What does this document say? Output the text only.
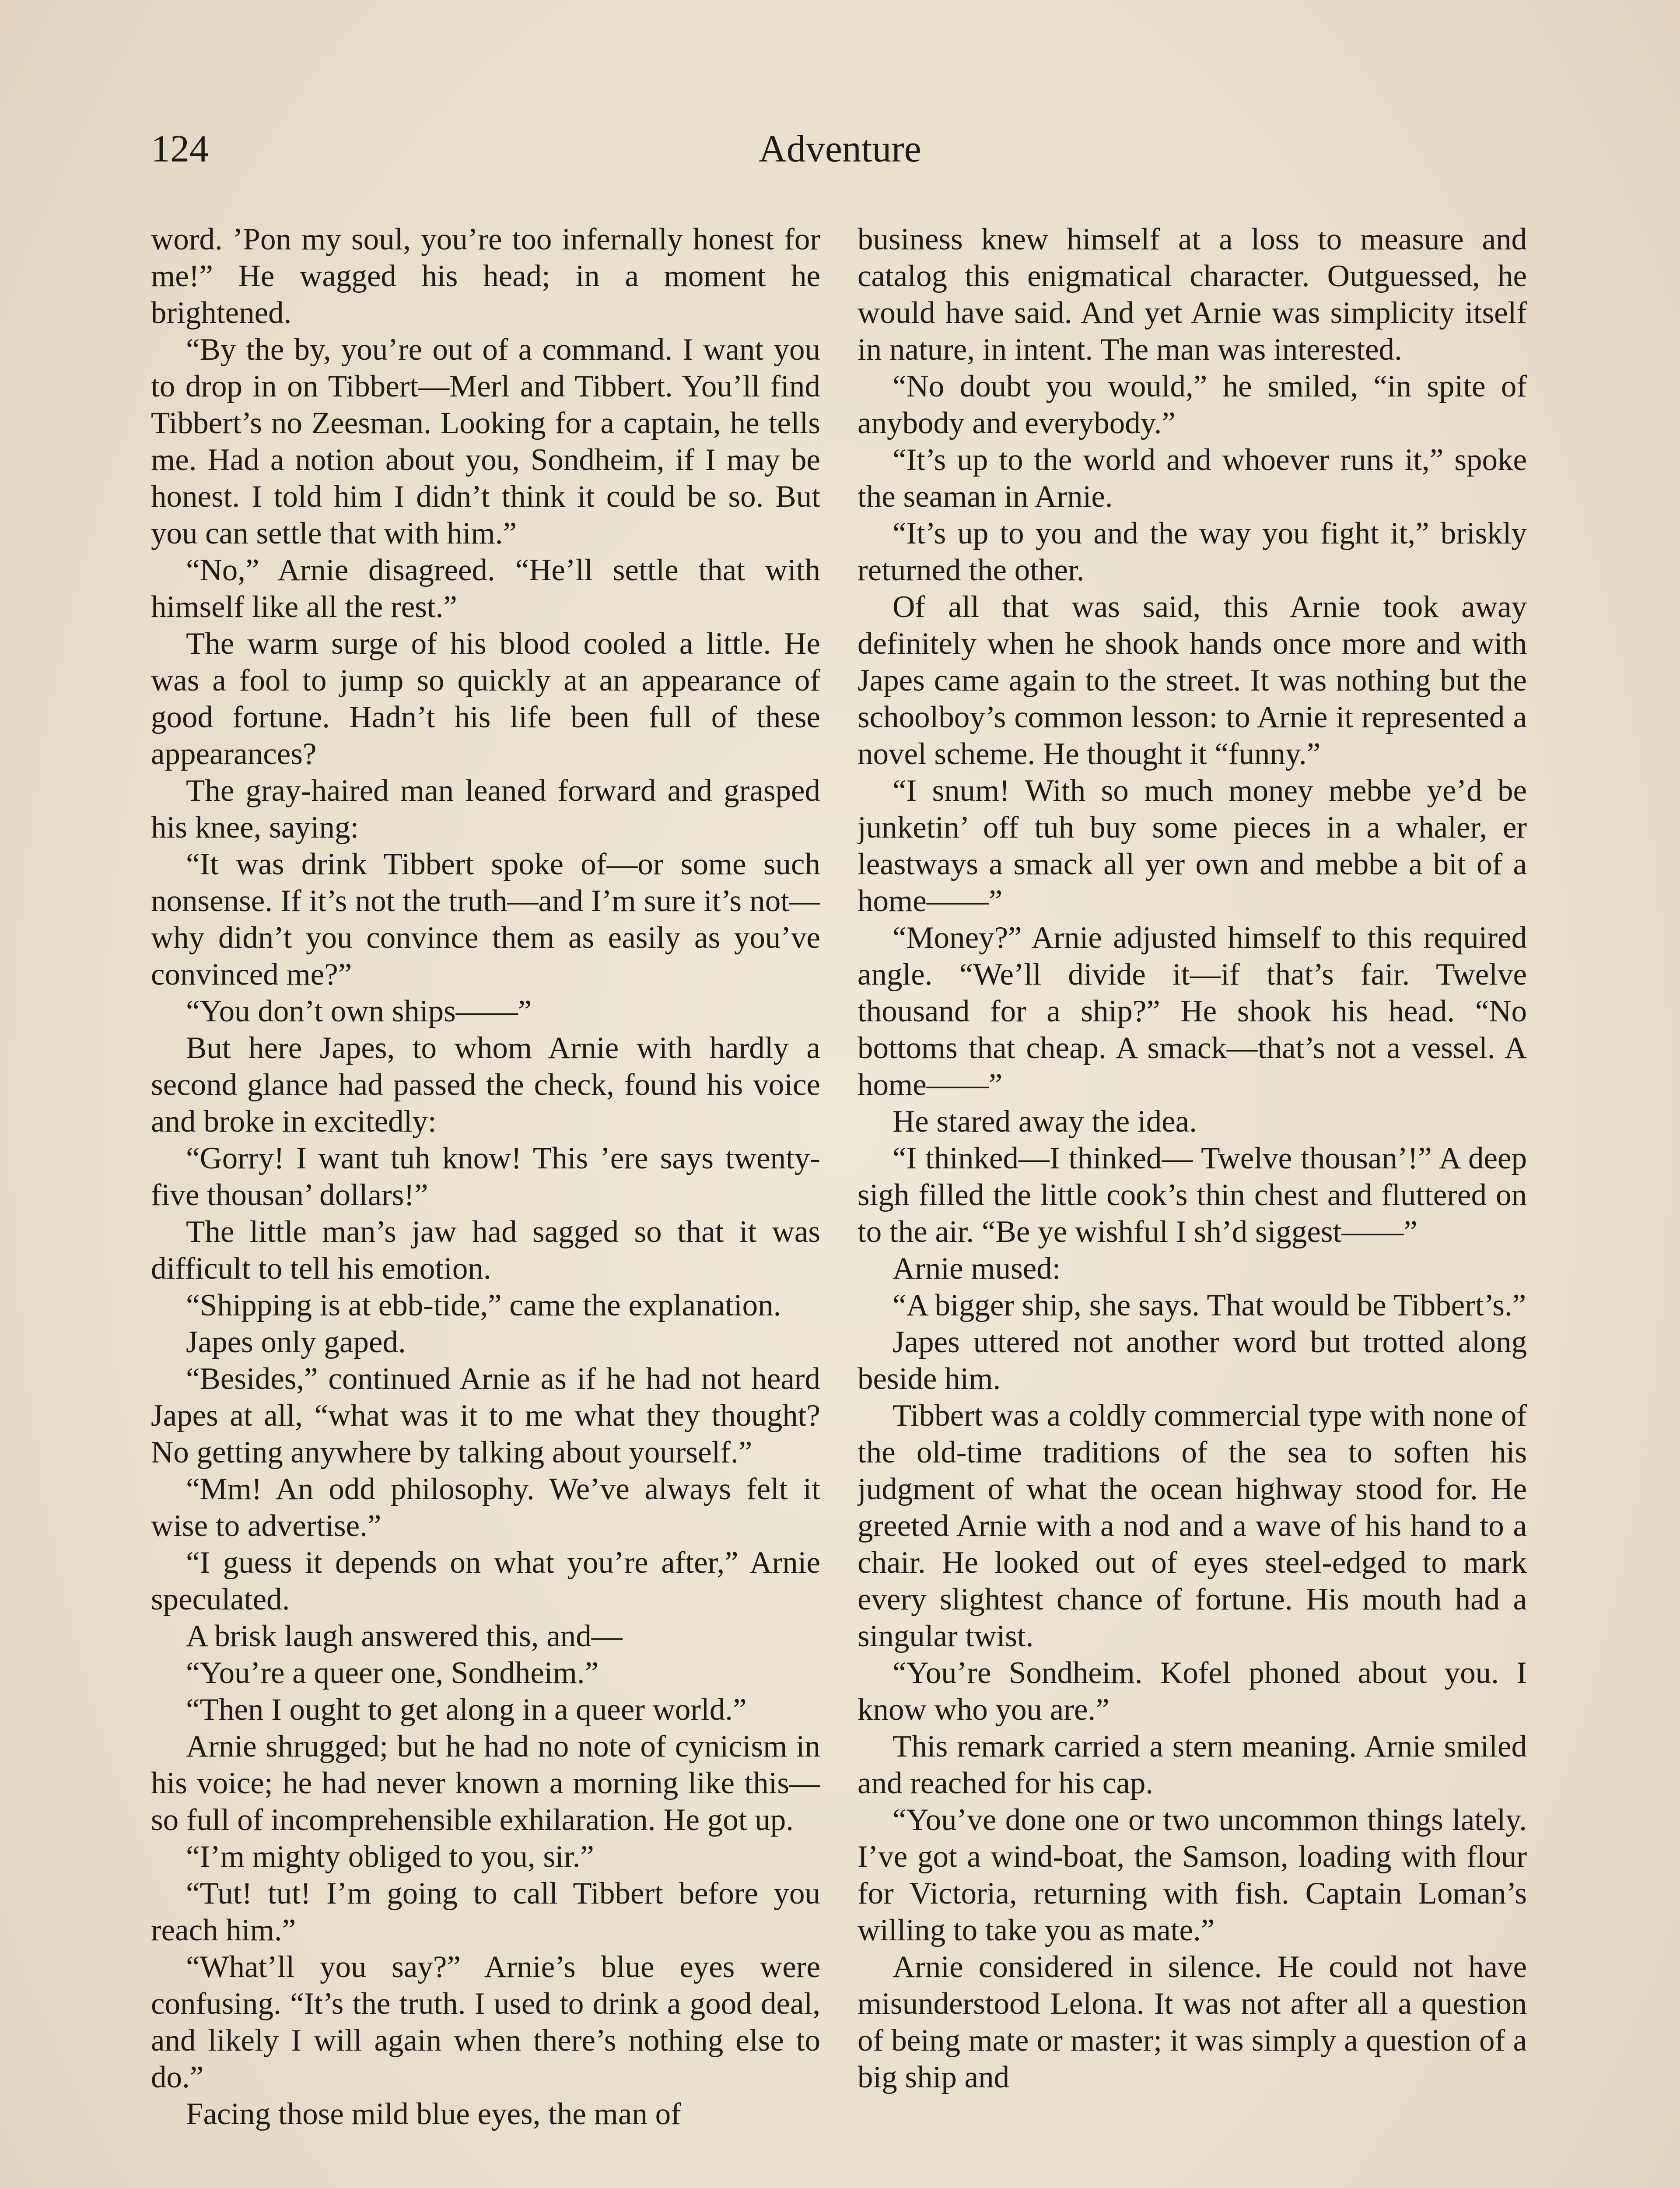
124	Adventure

word. ’Pon my soul, you’re too infernally honest for me!” He wagged his head; in a moment he brightened.

“By the by, you’re out of a command. I want you to drop in on Tibbert—Merl and Tibbert. You’ll find Tibbert’s no Zeesman. Looking for a captain, he tells me. Had a notion about you, Sondheim, if I may be honest. I told him I didn’t think it could be so. But you can settle that with him.”

“No,” Arnie disagreed. “He’ll settle that with himself like all the rest.”

The warm surge of his blood cooled a little. He was a fool to jump so quickly at an appearance of good fortune. Hadn’t his life been full of these appearances?

The gray-haired man leaned forward and grasped his knee, saying:

“It was drink Tibbert spoke of—or some such nonsense. If it’s not the truth—and I’m sure it’s not—why didn’t you convince them as easily as you’ve convinced me?”

“You don’t own ships——”

But here Japes, to whom Arnie with hardly a second glance had passed the check, found his voice and broke in excitedly:

“Gorry! I want tuh know! This ’ere says twenty-five thousan’ dollars!”

The little man’s jaw had sagged so that it was difficult to tell his emotion.

“Shipping is at ebb-tide,” came the explanation.

Japes only gaped.

“Besides,” continued Arnie as if he had not heard Japes at all, “what was it to me what they thought? No getting anywhere by talking about yourself.”

“Mm! An odd philosophy. We’ve always felt it wise to advertise.”

“I guess it depends on what you’re after,” Arnie speculated.

A brisk laugh answered this, and—

“You’re a queer one, Sondheim.”

“Then I ought to get along in a queer world.”

Arnie shrugged; but he had no note of cynicism in his voice; he had never known a morning like this—so full of incomprehensible exhilaration. He got up.

“I’m mighty obliged to you, sir.”

“Tut! tut! I’m going to call Tibbert before you reach him.”

“What’ll you say?” Arnie’s blue eyes were confusing. “It’s the truth. I used to drink a good deal, and likely I will again when there’s nothing else to do.”

Facing those mild blue eyes, the man of

business knew himself at a loss to measure and catalog this enigmatical character. Outguessed, he would have said. And yet Arnie was simplicity itself in nature, in intent. The man was interested.

“No doubt you would,” he smiled, “in spite of anybody and everybody.”

“It’s up to the world and whoever runs it,” spoke the seaman in Arnie.

“It’s up to you and the way you fight it,” briskly returned the other.

Of all that was said, this Arnie took away definitely when he shook hands once more and with Japes came again to the street. It was nothing but the schoolboy’s common lesson: to Arnie it represented a novel scheme. He thought it “funny.”

“I snum! With so much money mebbe ye’d be junketin’ off tuh buy some pieces in a whaler, er leastways a smack all yer own and mebbe a bit of a home——”

“Money?” Arnie adjusted himself to this required angle. “We’ll divide it—if that’s fair. Twelve thousand for a ship?” He shook his head. “No bottoms that cheap. A smack—that’s not a vessel. A home——”

He stared away the idea.

“I thinked—I thinked— Twelve thousan’!” A deep sigh filled the little cook’s thin chest and fluttered on to the air. “Be ye wishful I sh’d siggest——”

Arnie mused:

“A bigger ship, she says. That would be Tibbert’s.”

Japes uttered not another word but trotted along beside him.

Tibbert was a coldly commercial type with none of the old-time traditions of the sea to soften his judgment of what the ocean highway stood for. He greeted Arnie with a nod and a wave of his hand to a chair. He looked out of eyes steel-edged to mark every slightest chance of fortune. His mouth had a singular twist.

“You’re Sondheim. Kofel phoned about you. I know who you are.”

This remark carried a stern meaning. Arnie smiled and reached for his cap.

“You’ve done one or two uncommon things lately. I’ve got a wind-boat, the Samson, loading with flour for Victoria, returning with fish. Captain Loman’s willing to take you as mate.”

Arnie considered in silence. He could not have misunderstood Lelona. It was not after all a question of being mate or master; it was simply a question of a big ship and
